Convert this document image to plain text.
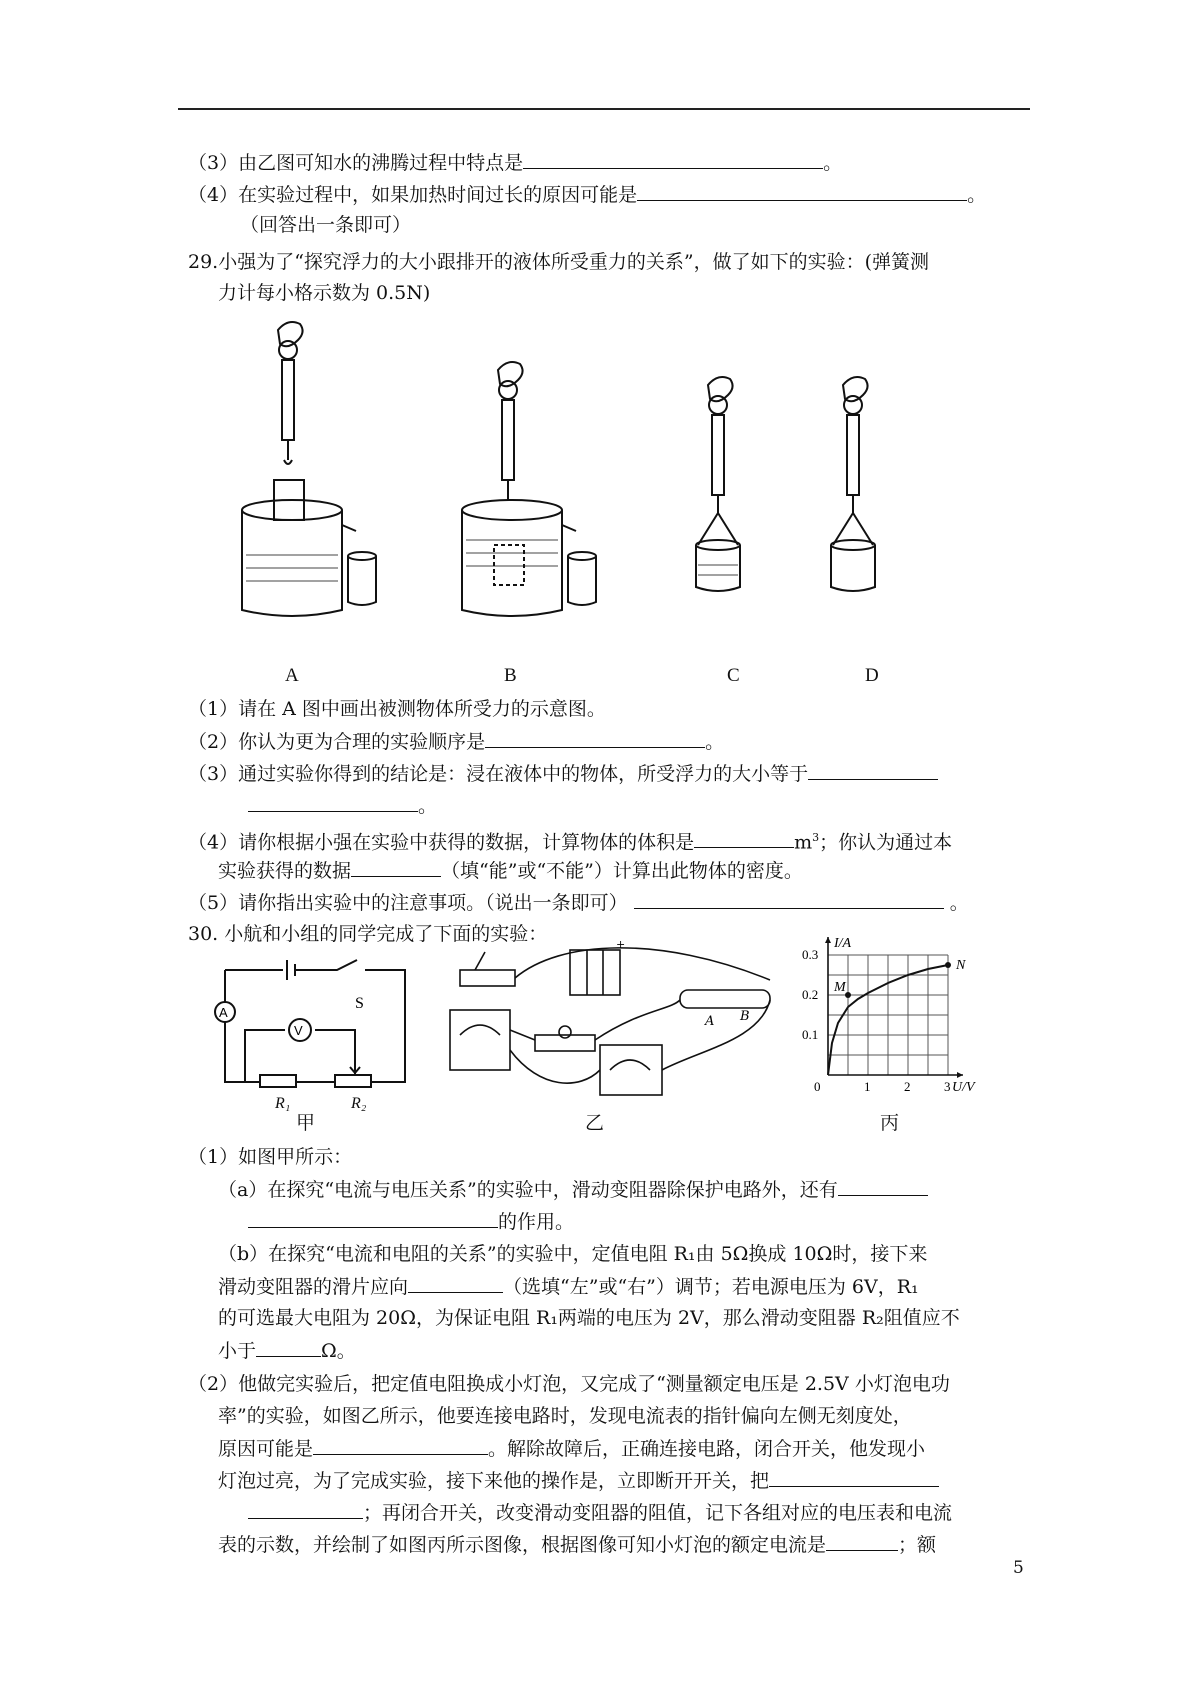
（3）由乙图可知水的沸腾过程中特点是	。
（4）在实验过程中，如果加热时间过长的原因可能是	。
（回答出一条即可）
29.小强为了“探究浮力的大小跟排开的液体所受重力的关系”，做了如下的实验：(弹簧测
力计每小格示数为 0.5N)
A	B	C	D
（1）请在 A 图中画出被测物体所受力的示意图。
（2）你认为更为合理的实验顺序是	。
（3）通过实验你得到的结论是：浸在液体中的物体，所受浮力的大小等于
。
（4）请你根据小强在实验中获得的数据，计算物体的体积是	$m^3$；你认为通过本
实验获得的数据	（填“能”或“不能”）计算出此物体的密度。
（5）请你指出实验中的注意事项。（说出一条即可）	。
30. 小航和小组的同学完成了下面的实验：
S
A
V
R₁	R₂
+
A B
0	1	2	3
0.1
0.2
0.3
M
N
I/A
U/V
甲	乙	丙
（1）如图甲所示：
（a）在探究“电流与电压关系”的实验中，滑动变阻器除保护电路外，还有
的作用。
（b）在探究“电流和电阻的关系”的实验中，定值电阻 R₁由 5Ω换成 10Ω时，接下来
滑动变阻器的滑片应向	（选填“左”或“右”）调节；若电源电压为 6V，R₁
的可选最大电阻为 20Ω，为保证电阻 R₁两端的电压为 2V，那么滑动变阻器 R₂阻值应不
小于	Ω。
（2）他做完实验后，把定值电阻换成小灯泡，又完成了“测量额定电压是 2.5V 小灯泡电功
率”的实验，如图乙所示，他要连接电路时，发现电流表的指针偏向左侧无刻度处，
原因可能是	。解除故障后，正确连接电路，闭合开关，他发现小
灯泡过亮，为了完成实验，接下来他的操作是，立即断开开关，把
；再闭合开关，改变滑动变阻器的阻值，记下各组对应的电压表和电流
表的示数，并绘制了如图丙所示图像，根据图像可知小灯泡的额定电流是	；额
5
